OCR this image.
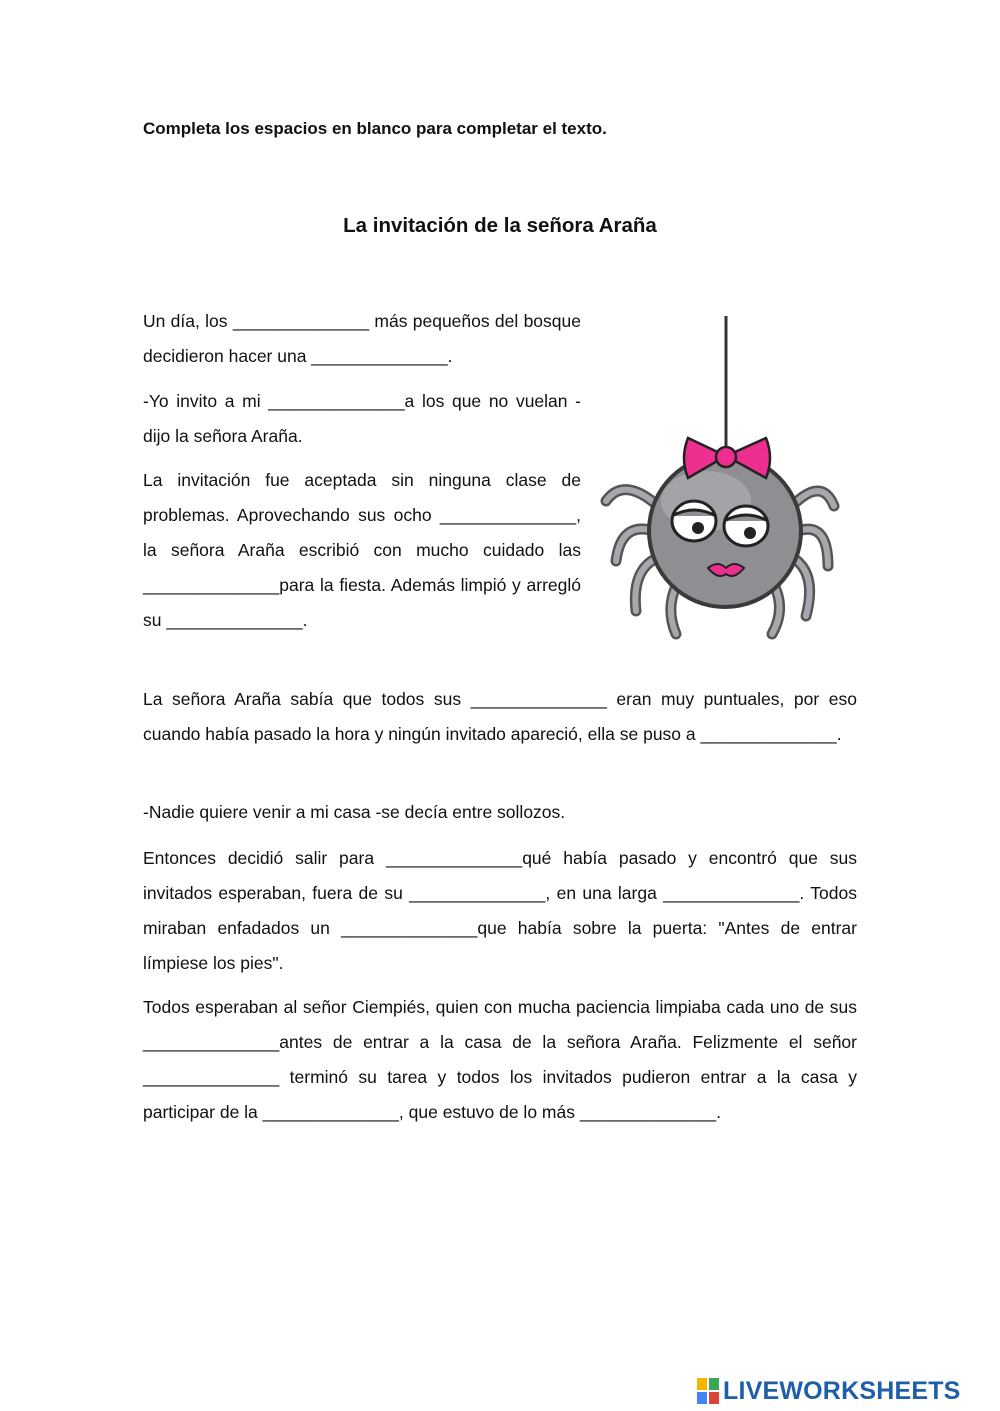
Completa los espacios en blanco para completar el texto.

La invitación de la señora Araña

Un día, los ______________ más pequeños del bosque decidieron hacer una ______________.

-Yo invito a mi ______________a los que no vuelan -dijo la señora Araña.

La invitación fue aceptada sin ninguna clase de problemas. Aprovechando sus ocho ______________, la señora Araña escribió con mucho cuidado las ______________para la fiesta. Además limpió y arregló su ______________.

La señora Araña sabía que todos sus ______________ eran muy puntuales, por eso cuando había pasado la hora y ningún invitado apareció, ella se puso a ______________.

-Nadie quiere venir a mi casa -se decía entre sollozos.

Entonces decidió salir para ______________qué había pasado y encontró que sus invitados esperaban, fuera de su ______________, en una larga ______________. Todos miraban enfadados un ______________que había sobre la puerta: "Antes de entrar límpiese los pies".

Todos esperaban al señor Ciempiés, quien con mucha paciencia limpiaba cada uno de sus ______________antes de entrar a la casa de la señora Araña. Felizmente el señor ______________ terminó su tarea y todos los invitados pudieron entrar a la casa y participar de la ______________, que estuvo de lo más ______________.

LIVEWORKSHEETS
